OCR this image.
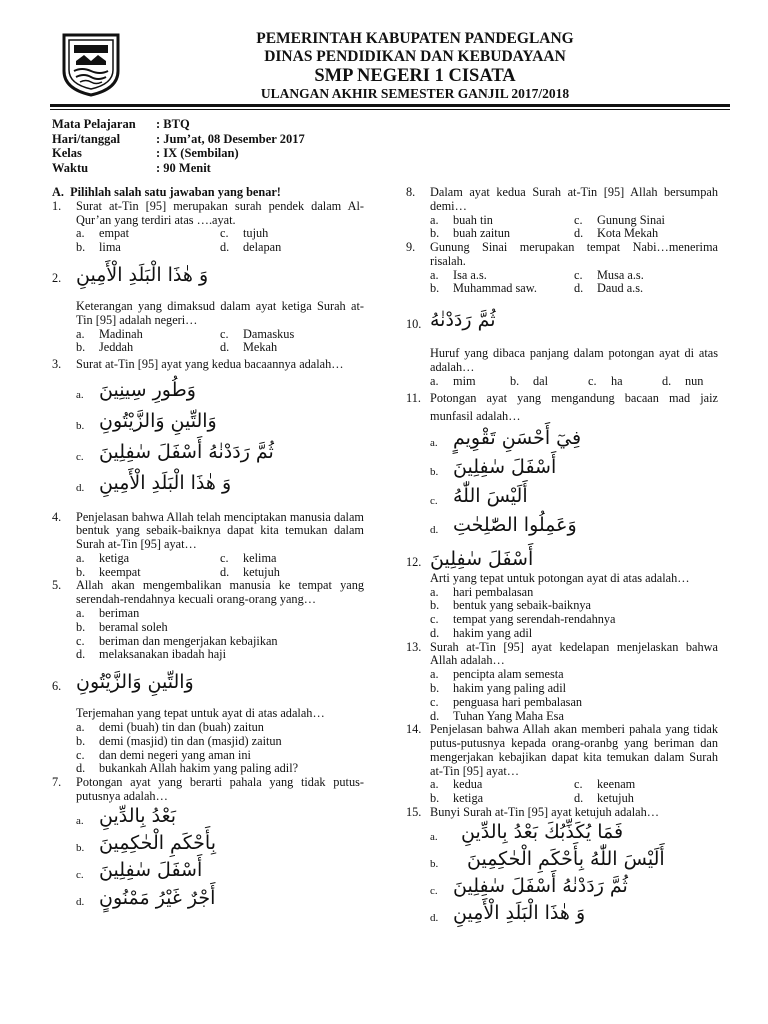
PEMERINTAH KABUPATEN PANDEGLANG

DINAS PENDIDIKAN DAN KEBUDAYAAN

SMP NEGERI 1 CISATA

ULANGAN AKHIR SEMESTER GANJIL 2017/2018

Mata Pelajaran	: BTQ
Hari/tanggal	: Jum’at, 08 Desember 2017
Kelas	: IX (Sembilan)
Waktu	: 90 Menit
A.  Pilihlah salah satu jawaban yang benar!
1. Surat at-Tin [95] merupakan surah pendek dalam Al-Qur’an yang terdiri atas ….ayat.
a. empat	c. tujuh
b. lima	d. delapan
2. وَ هٰذَا الْبَلَدِ الْأَمِينِ
Keterangan yang dimaksud dalam ayat ketiga Surah at-Tin [95] adalah negeri…
a. Madinah	c. Damaskus
b. Jeddah	d. Mekah
3. Surat at-Tin [95] ayat yang kedua bacaannya adalah…
a. وَطُورِ سِينِينَ
b. وَالتِّينِ وَالزَّيْتُونِ
c. ثُمَّ رَدَدْنٰهُ أَسْفَلَ سٰفِلِينَ
d. وَ هٰذَا الْبَلَدِ الْأَمِينِ
4. Penjelasan bahwa Allah telah menciptakan manusia dalam bentuk yang sebaik-baiknya dapat kita temukan dalam Surah at-Tin [95] ayat…
a. ketiga	c. kelima
b. keempat	d. ketujuh
5. Allah akan mengembalikan manusia ke tempat yang serendah-rendahnya kecuali orang-orang yang…
a. beriman
b. beramal soleh
c. beriman dan mengerjakan kebajikan
d. melaksanakan ibadah haji
6. وَالتِّينِ وَالزَّيْتُونِ
Terjemahan yang tepat untuk ayat di atas adalah…
a. demi (buah) tin dan (buah) zaitun
b. demi (masjid) tin dan (masjid) zaitun
c. dan demi negeri yang aman ini
d. bukankah Allah hakim yang paling adil?
7. Potongan ayat yang berarti pahala yang tidak putus-putusnya adalah…
a. بَعْدُ بِالدِّينِ
b. بِأَحْكَمِ الْحٰكِمِينَ
c. أَسْفَلَ سٰفِلِينَ
d. أَجْرٌ غَيْرُ مَمْنُونٍ
8. Dalam ayat kedua Surah at-Tin [95] Allah bersumpah demi…
a. buah tin	c. Gunung Sinai
b. buah zaitun	d. Kota Mekah
9. Gunung Sinai merupakan tempat Nabi…menerima risalah.
a. Isa a.s.	c. Musa a.s.
b. Muhammad saw.	d. Daud a.s.
10. ثُمَّ رَدَدْنٰهُ
Huruf yang dibaca panjang dalam potongan ayat di atas adalah…
a. mim	b. dal	c. ha	d. nun
11. Potongan ayat yang mengandung bacaan mad jaiz munfasil adalah…
a. فِيٓ أَحْسَنِ تَقْوِيمٍ
b. أَسْفَلَ سٰفِلِينَ
c. أَلَيْسَ اللّٰهُ
d. وَعَمِلُوا الصّٰلِحٰتِ
12. أَسْفَلَ سٰفِلِينَ
Arti yang tepat untuk potongan ayat di atas adalah…
a. hari pembalasan
b. bentuk yang sebaik-baiknya
c. tempat yang serendah-rendahnya
d. hakim yang adil
13. Surah at-Tin [95] ayat kedelapan menjelaskan bahwa Allah adalah…
a. pencipta alam semesta
b. hakim yang paling adil
c. penguasa hari pembalasan
d. Tuhan Yang Maha Esa
14. Penjelasan bahwa Allah akan memberi pahala yang tidak putus-putusnya kepada orang-oranbg yang beriman dan mengerjakan kebajikan dapat kita temukan dalam Surah at-Tin [95] ayat…
a. kedua	c. keenam
b. ketiga	d. ketujuh
15. Bunyi Surah at-Tin [95] ayat ketujuh adalah…
a.	فَمَا يُكَذِّبُكَ بَعْدُ بِالدِّينِ
b.	أَلَيْسَ اللّٰهُ بِأَحْكَمِ الْحٰكِمِينَ
c. ثُمَّ رَدَدْنٰهُ أَسْفَلَ سٰفِلِينَ
d. وَ هٰذَا الْبَلَدِ الْأَمِينِ
